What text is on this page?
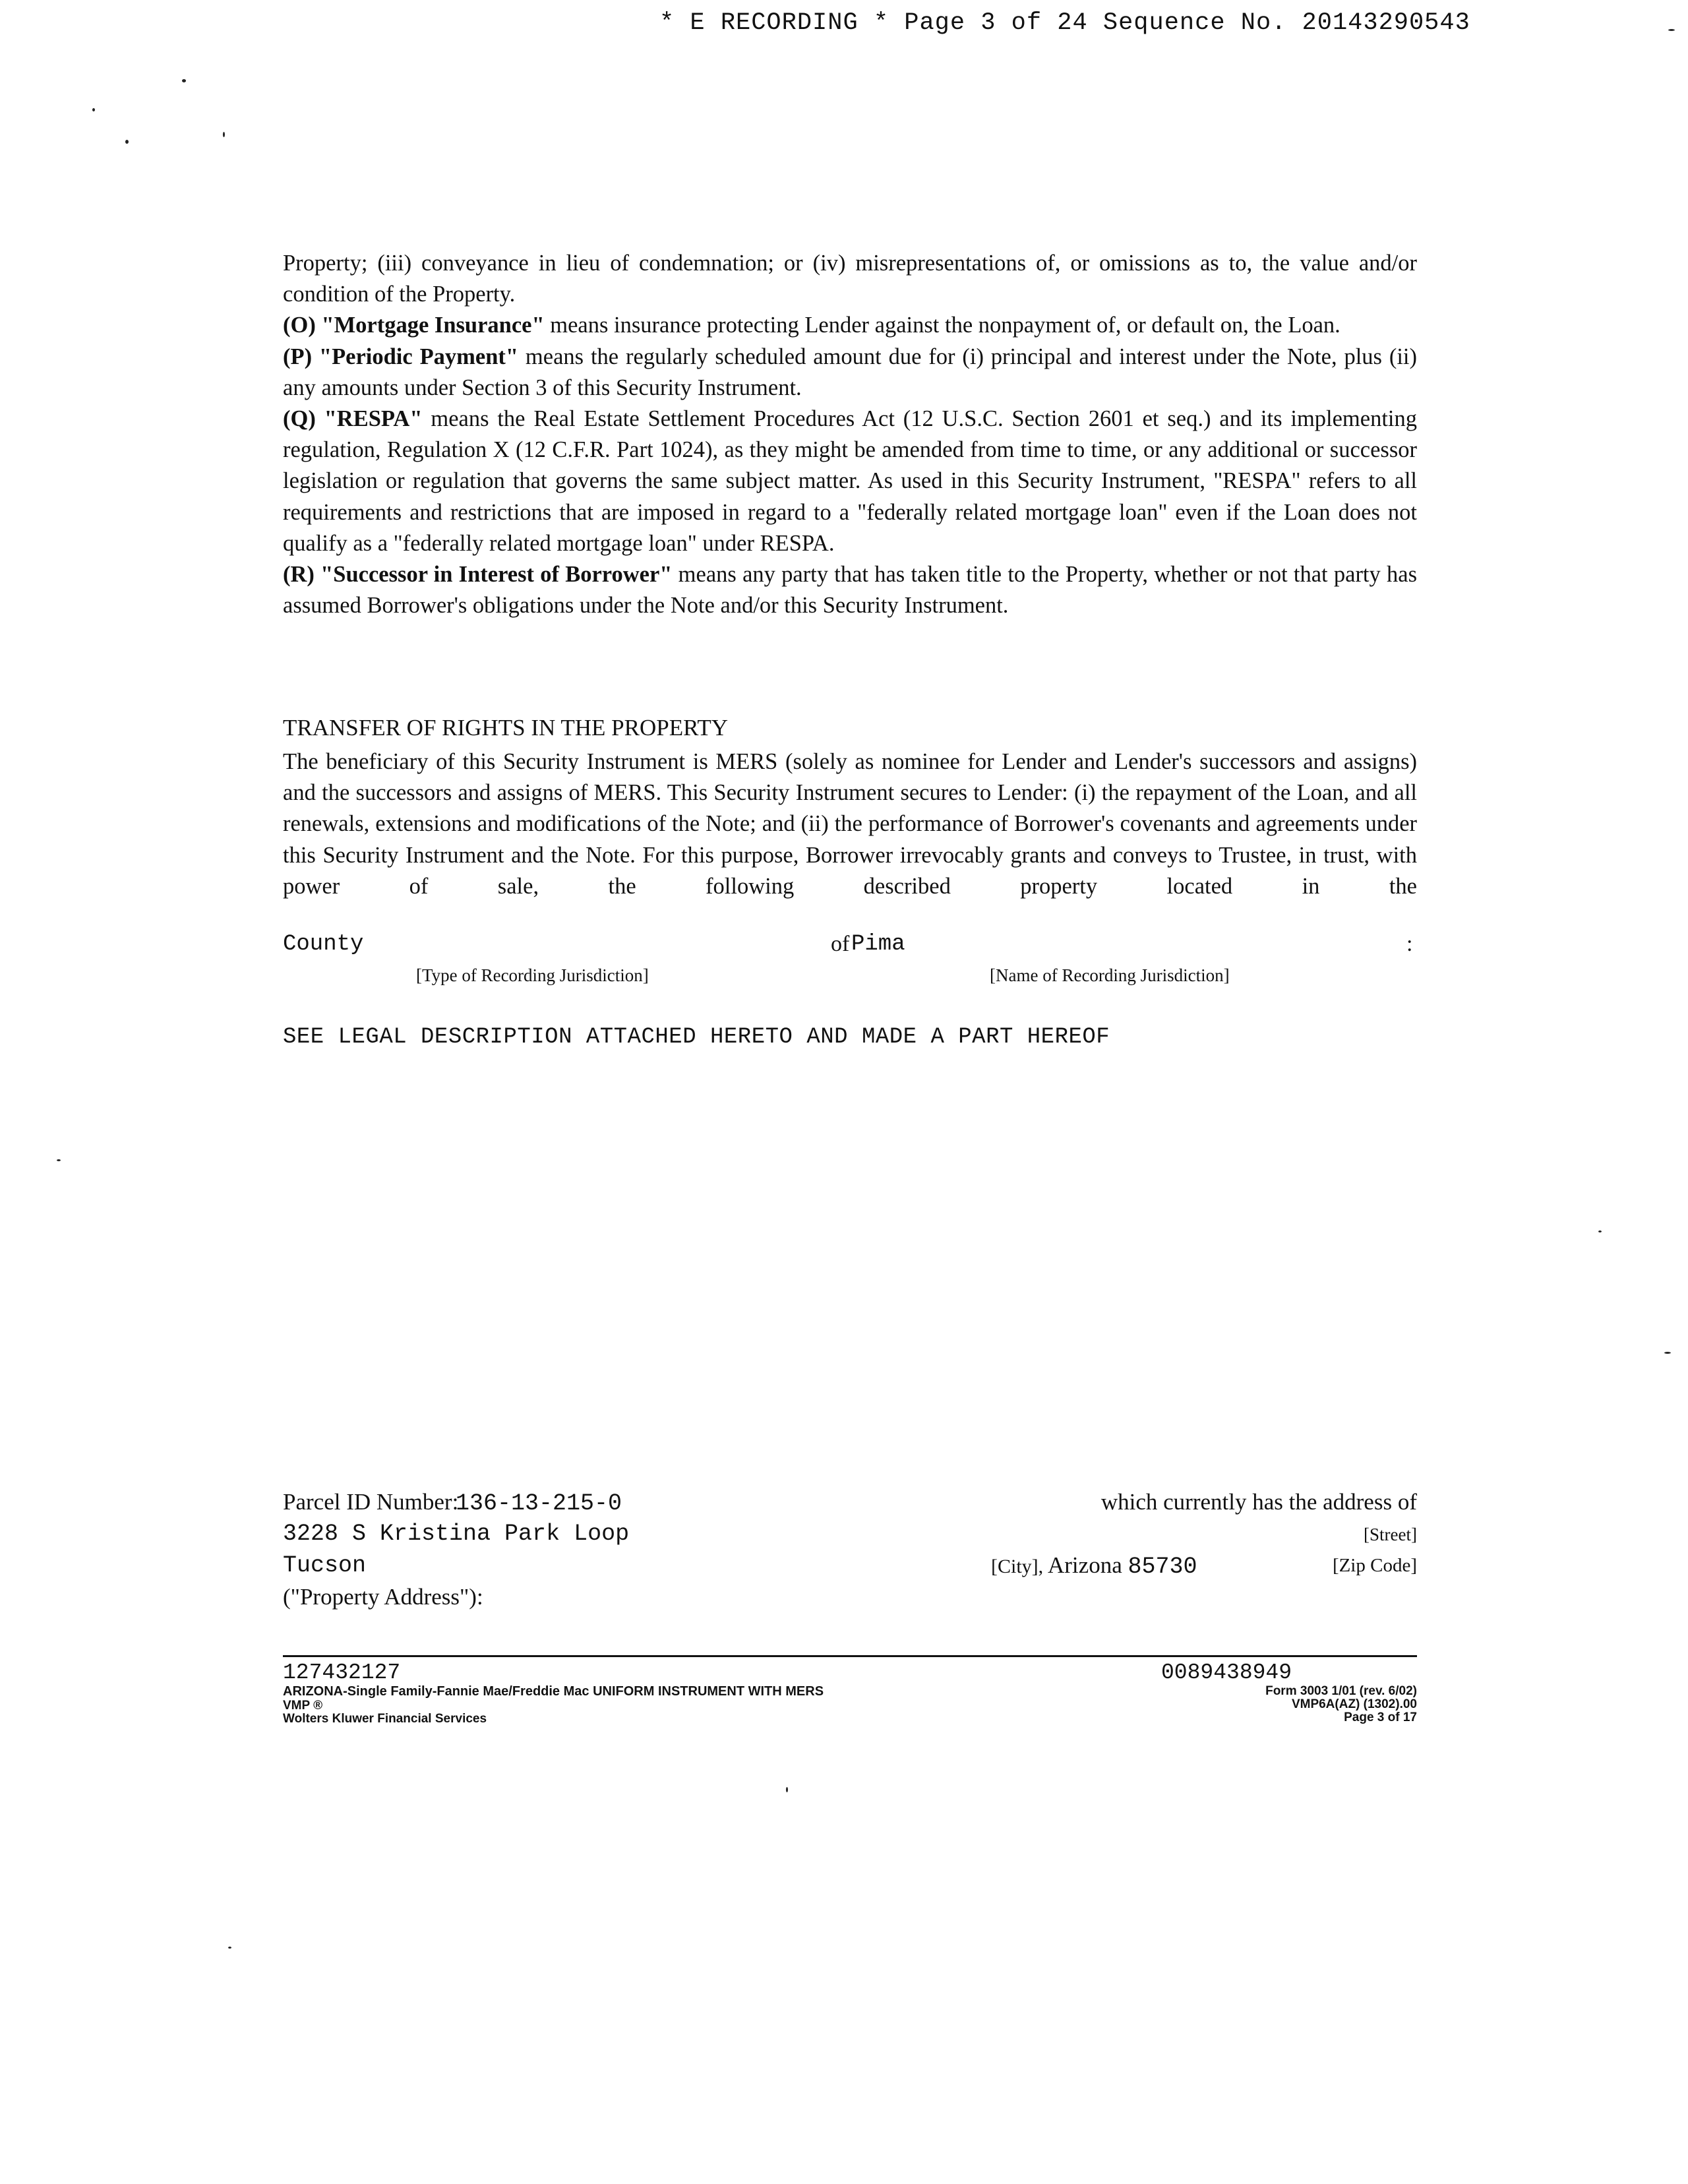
* E RECORDING * Page 3 of 24 Sequence No. 20143290543

Property; (iii) conveyance in lieu of condemnation; or (iv) misrepresentations of, or omissions as to, the value and/or condition of the Property.

(O) "Mortgage Insurance" means insurance protecting Lender against the nonpayment of, or default on, the Loan.

(P) "Periodic Payment" means the regularly scheduled amount due for (i) principal and interest under the Note, plus (ii) any amounts under Section 3 of this Security Instrument.

(Q) "RESPA" means the Real Estate Settlement Procedures Act (12 U.S.C. Section 2601 et seq.) and its implementing regulation, Regulation X (12 C.F.R. Part 1024), as they might be amended from time to time, or any additional or successor legislation or regulation that governs the same subject matter. As used in this Security Instrument, "RESPA" refers to all requirements and restrictions that are imposed in regard to a "federally related mortgage loan" even if the Loan does not qualify as a "federally related mortgage loan" under RESPA.

(R) "Successor in Interest of Borrower" means any party that has taken title to the Property, whether or not that party has assumed Borrower's obligations under the Note and/or this Security Instrument.

TRANSFER OF RIGHTS IN THE PROPERTY
The beneficiary of this Security Instrument is MERS (solely as nominee for Lender and Lender's successors and assigns) and the successors and assigns of MERS. This Security Instrument secures to Lender: (i) the repayment of the Loan, and all renewals, extensions and modifications of the Note; and (ii) the performance of Borrower's covenants and agreements under this Security Instrument and the Note. For this purpose, Borrower irrevocably grants and conveys to Trustee, in trust, with power of sale, the following described property located in the
County	of Pima	:
[Type of Recording Jurisdiction]	[Name of Recording Jurisdiction]
SEE LEGAL DESCRIPTION ATTACHED HERETO AND MADE A PART HEREOF
Parcel ID Number:
136-13-215-0	which currently has the address of
3228 S Kristina Park Loop	[Street]
Tucson	[City], Arizona 85730	[Zip Code]
("Property Address"):
127432127
ARIZONA-Single Family-Fannie Mae/Freddie Mac UNIFORM INSTRUMENT WITH MERS
VMP ®
Wolters Kluwer Financial Services
0089438949
Form 3003 1/01 (rev. 6/02)
VMP6A(AZ) (1302).00
Page 3 of 17
